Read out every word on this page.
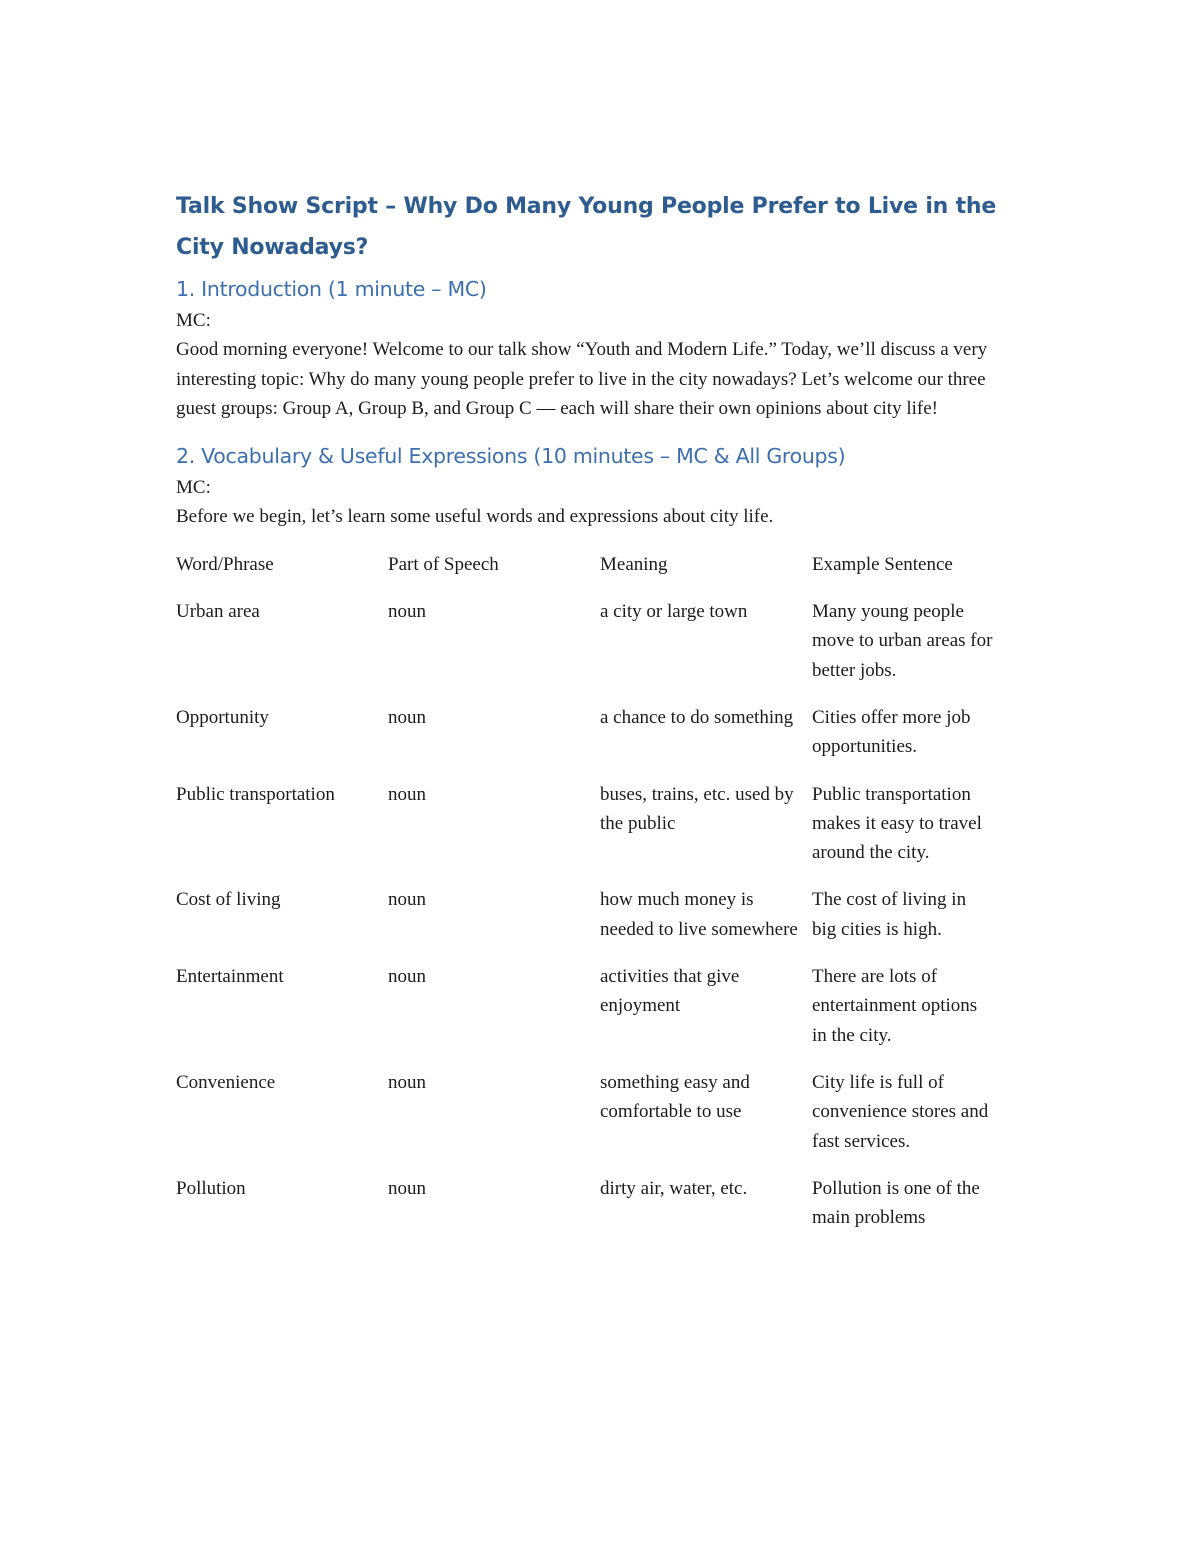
Talk Show Script – Why Do Many Young People Prefer to Live in the City Nowadays?
1. Introduction (1 minute – MC)
MC:
Good morning everyone! Welcome to our talk show “Youth and Modern Life.” Today, we’ll discuss a very interesting topic: Why do many young people prefer to live in the city nowadays? Let’s welcome our three guest groups: Group A, Group B, and Group C — each will share their own opinions about city life!
2. Vocabulary & Useful Expressions (10 minutes – MC & All Groups)
MC:
Before we begin, let’s learn some useful words and expressions about city life.
Word/Phrase	Part of Speech	Meaning	Example Sentence
Urban area	noun	a city or large town	Many young people move to urban areas for better jobs.
Opportunity	noun	a chance to do something	Cities offer more job opportunities.
Public transportation	noun	buses, trains, etc. used by the public	Public transportation makes it easy to travel around the city.
Cost of living	noun	how much money is needed to live somewhere	The cost of living in big cities is high.
Entertainment	noun	activities that give enjoyment	There are lots of entertainment options in the city.
Convenience	noun	something easy and comfortable to use	City life is full of convenience stores and fast services.
Pollution	noun	dirty air, water, etc.	Pollution is one of the main problems
